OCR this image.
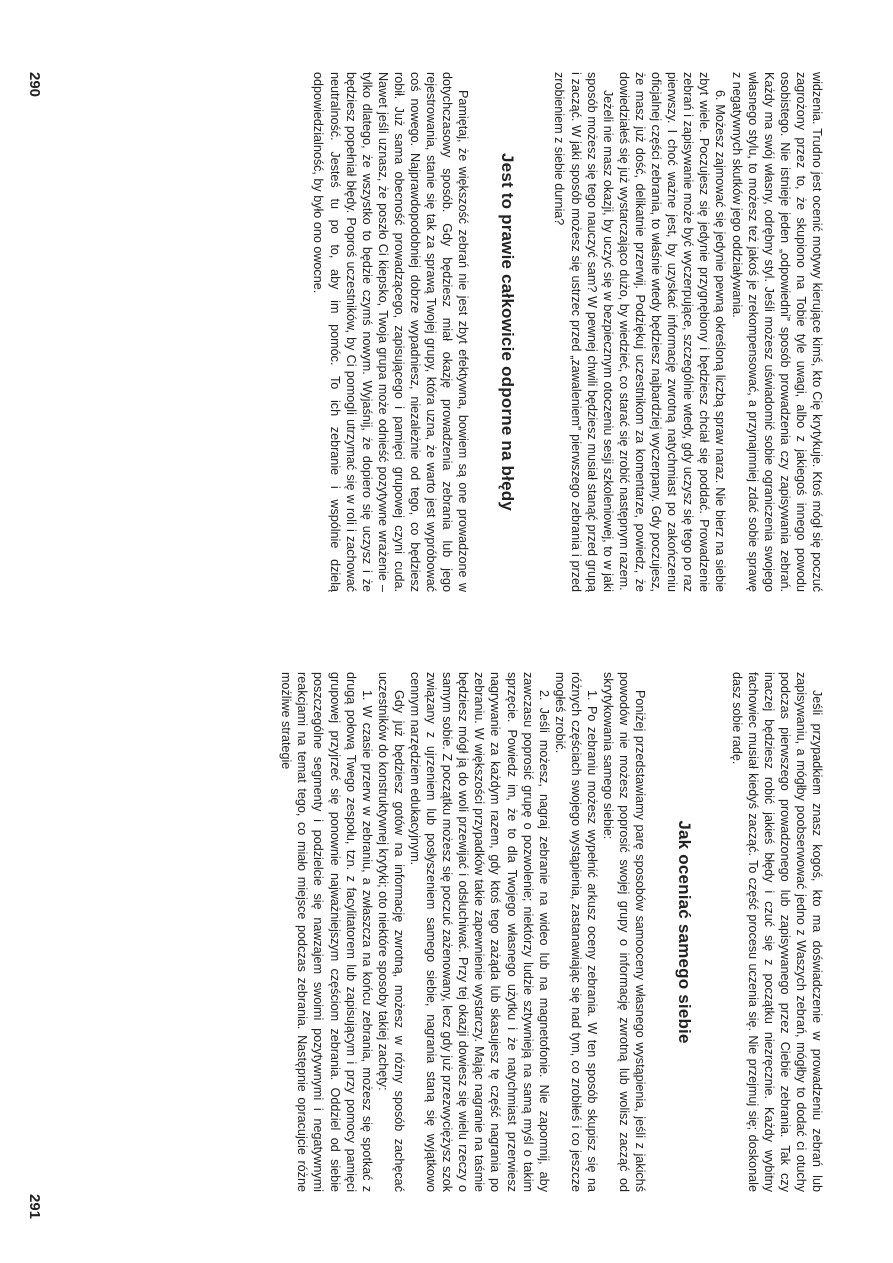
widzenia. Trudno jest ocenić motywy kierujące kimś, kto Cię krytykuje. Ktoś mógł się poczuć zagrożony przez to, że skupiono na Tobie tyle uwagi, albo z jakiegoś innego powodu osobistego. Nie istnieje jeden „odpowiedni” sposób prowadzenia czy zapisywania zebrań. Każdy ma swój własny, odrębny styl. Jeśli możesz uświadomić sobie ograniczenia swojego własnego stylu, to możesz też jakoś je zrekompensować, a przynajmniej zdać sobie sprawę z negatywnych skutków jego oddziaływania.

6. Możesz zajmować się jedynie pewną określoną liczbą spraw naraz. Nie bierz na siebie zbyt wiele. Poczujesz się jedynie przygnębiony i będziesz chciał się poddać. Prowadzenie zebrań i zapisywanie może być wyczerpujące, szczególnie wtedy, gdy uczysz się tego po raz pierwszy. I choć ważne jest, by uzyskać informację zwrotną natychmiast po zakończeniu oficjalnej części zebrania, to właśnie wtedy będziesz najbardziej wyczerpany. Gdy poczujesz, że masz już dość, delikatnie przerwij. Podziękuj uczestnikom za komentarze, powiedz, że dowiedziałeś się już wystarczająco dużo, by wiedzieć, co starać się zrobić następnym razem.

Jeżeli nie masz okazji, by uczyć się w bezpiecznym otoczeniu sesji szkoleniowej, to w jaki sposób możesz się tego nauczyć sam? W pewnej chwili będziesz musiał stanąć przed grupą i zacząć. W jaki sposób możesz się ustrzec przed „zawaleniem” pierwszego zebrania i przed zrobieniem z siebie durnia?

Jest to prawie całkowicie odporne na błędy

Pamiętaj, że większość zebrań nie jest zbyt efektywna, bowiem są one prowadzone w dotychczasowy sposób. Gdy będziesz miał okazję prowadzenia zebrania lub jego rejestrowania, stanie się tak za sprawą Twojej grupy, która uzna, że warto jest wypróbować coś nowego. Najprawdopodobniej dobrze wypadniesz, niezależnie od tego, co będziesz robił. Już sama obecność prowadzącego, zapisującego i pamięci grupowej czyni cuda. Nawet jeśli uznasz, że poszło Ci kiepsko, Twoja grupa może odnieść pozytywne wrażenie – tylko dlatego, że wszystko to będzie czymś nowym. Wyjaśnij, że dopiero się uczysz i że będziesz popełniał błędy. Poproś uczestników, by Ci pomogli utrzymać się w roli i zachować neutralność. Jesteś tu po to, aby im pomóc. To ich zebranie i wspólnie dzielą odpowiedzialność, by było ono owocne.

290

Jeśli przypadkiem znasz kogoś, kto ma doświadczenie w prowadzeniu zebrań lub zapisywaniu, a mógłby poobserwować jedno z Waszych zebrań, mógłby to dodać ci otuchy podczas pierwszego prowadzonego lub zapisywanego przez Ciebie zebrania. Tak czy inaczej będziesz robić jakieś błędy i czuć się z początku niezręcznie. Każdy wybitny fachowiec musiał kiedyś zacząć. To część procesu uczenia się. Nie przejmuj się; doskonale dasz sobie radę.

Jak oceniać samego siebie

Poniżej przedstawiamy parę sposobów samooceny własnego wystąpienia, jeśli z jakichś powodów nie możesz poprosić swojej grupy o informację zwrotną lub wolisz zacząć od skrytykowania samego siebie:

1. Po zebraniu możesz wypełnić arkusz oceny zebrania. W ten sposób skupisz się na różnych częściach swojego wystąpienia, zastanawiając się nad tym, co zrobiłeś i co jeszcze mogłeś zrobić.

2. Jeśli możesz, nagraj zebranie na wideo lub na magnetofonie. Nie zapomnij, aby zawczasu poprosić grupę o pozwolenie; niektórzy ludzie sztywnieją na samą myśl o takim sprzęcie. Powiedz im, że to dla Twojego własnego użytku i że natychmiast przerwiesz nagrywanie za każdym razem, gdy ktoś tego zażąda lub skasujesz tę część nagrania po zebraniu. W większości przypadków takie zapewnienie wystarczy. Mając nagranie na taśmie będziesz mógł ją do woli przewijać i odsłuchiwać. Przy tej okazji dowiesz się wielu rzeczy o samym sobie. Z początku możesz się poczuć zażenowany, lecz gdy już przezwyciężysz szok związany z ujrzeniem lub posłyszeniem samego siebie, nagrania staną się wyjątkowo cennym narzędziem edukacyjnym.

Gdy już będziesz gotów na informację zwrotną, możesz w różny sposób zachęcać uczestników do konstruktywnej krytyki; oto niektóre sposoby takiej zachęty:

1. W czasie przerw w zebraniu, a zwłaszcza na końcu zebrania, możesz się spotkać z drugą połową Twego zespołu, tzn. z facylitatorem lub zapisującym i przy pomocy pamięci grupowej przyjrzeć się ponownie najważniejszym częściom zebrania. Oddziel od siebie poszczególne segmenty i podzielcie się nawzajem swoimi pozytywnymi i negatywnymi reakcjami na temat tego, co miało miejsce podczas zebrania. Następnie opracujcie różne możliwe strategie

291
